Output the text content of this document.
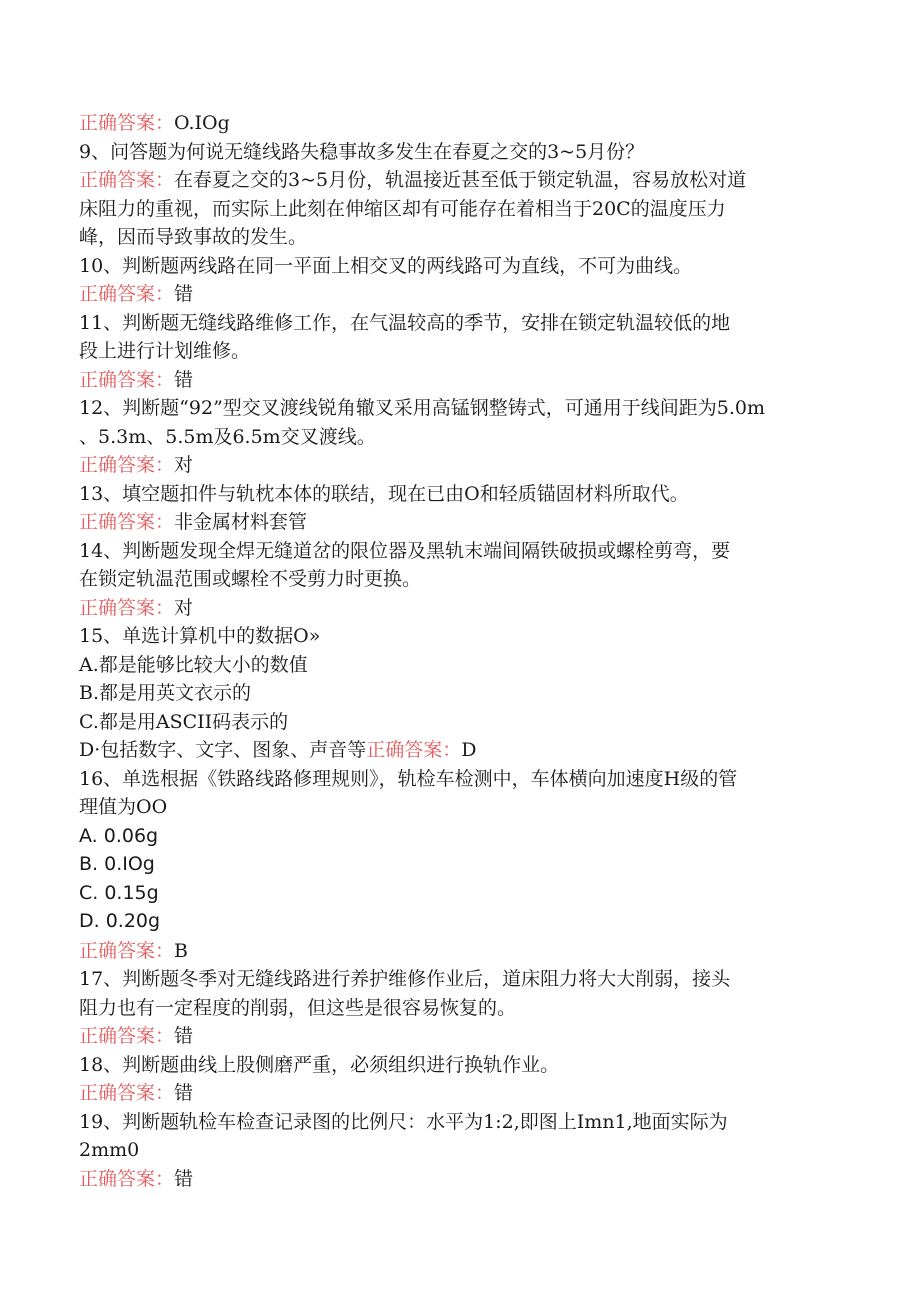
正确答案：O.IOg
9、问答题为何说无缝线路失稳事故多发生在春夏之交的3~5月份？
正确答案：在春夏之交的3~5月份，轨温接近甚至低于锁定轨温，容易放松对道
床阻力的重视，而实际上此刻在伸缩区却有可能存在着相当于20C的温度压力
峰，因而导致事故的发生。
10、判断题两线路在同一平面上相交叉的两线路可为直线，不可为曲线。
正确答案：错
11、判断题无缝线路维修工作，在气温较高的季节，安排在锁定轨温较低的地
段上进行计划维修。
正确答案：错
12、判断题“92”型交叉渡线锐角辙叉采用高锰钢整铸式，可通用于线间距为5.0m
、5.3m、5.5m及6.5m交叉渡线。
正确答案：对
13、填空题扣件与轨枕本体的联结，现在已由O和轻质锚固材料所取代。
正确答案：非金属材料套管
14、判断题发现全焊无缝道岔的限位器及黑轨末端间隔铁破损或螺栓剪弯，要
在锁定轨温范围或螺栓不受剪力时更换。
正确答案：对
15、单选计算机中的数据O»
A.都是能够比较大小的数值
B.都是用英文衣示的
C.都是用ASCII码表示的
D·包括数字、文字、图象、声音等正确答案：D
16、单选根据《铁路线路修理规则》，轨检车检测中，车体横向加速度H级的管
理值为OO
A. 0.06g
B. 0.IOg
C. 0.15g
D. 0.20g
正确答案：B
17、判断题冬季对无缝线路进行养护维修作业后，道床阻力将大大削弱，接头
阻力也有一定程度的削弱，但这些是很容易恢复的。
正确答案：错
18、判断题曲线上股侧磨严重，必须组织进行换轨作业。
正确答案：错
19、判断题轨检车检查记录图的比例尺：水平为1:2,即图上Imn1,地面实际为
2mm0
正确答案：错
